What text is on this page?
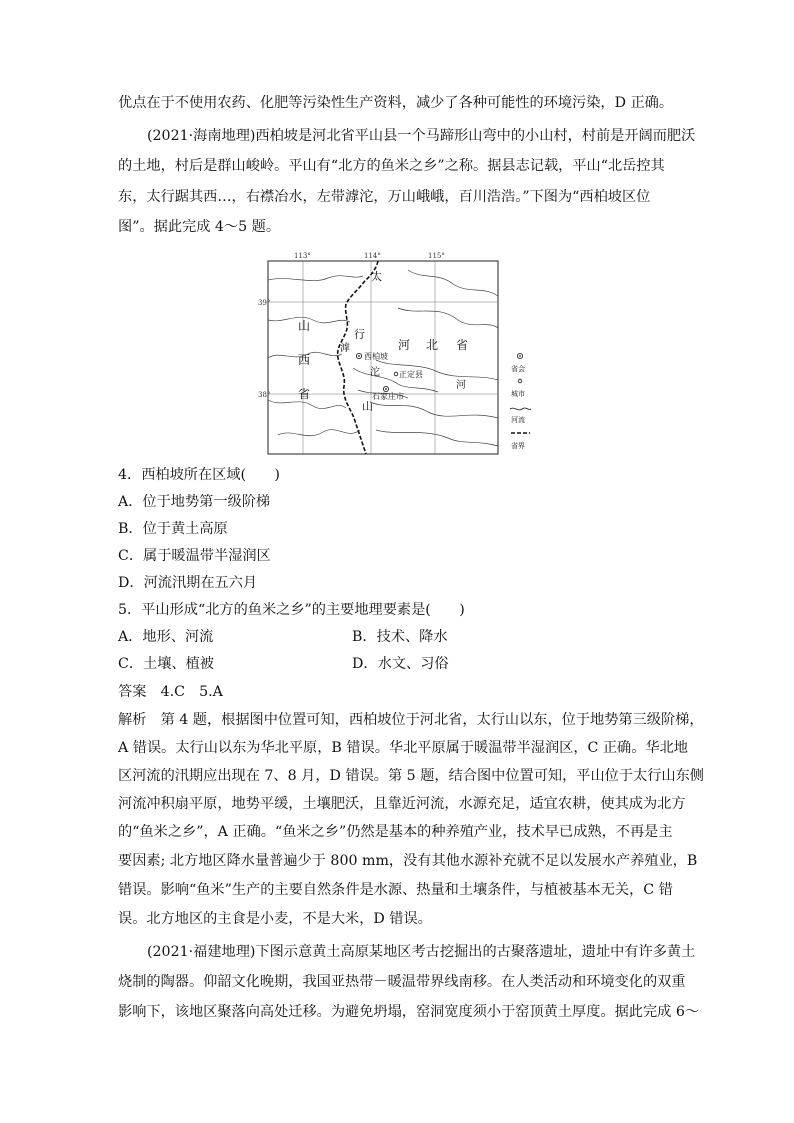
优点在于不使用农药、化肥等污染性生产资料，减少了各种可能性的环境污染，D 正确。
(2021·海南地理)西柏坡是河北省平山县一个马蹄形山弯中的小山村，村前是开阔而肥沃
的土地，村后是群山峻岭。平山有“北方的鱼米之乡”之称。据县志记载，平山“北岳控其
东，太行踞其西…，右襟冶水，左带滹沱，万山峨峨，百川浩浩。”下图为“西柏坡区位
图”。据此完成 4～5 题。
113°	114°	115°
39°
38°
太
行
山
山
西
省
河 北 省
滹
沱
河
西柏坡
正定县
石家庄市
省会
城市
河流
省界
4．西柏坡所在区域(　　)
A．位于地势第一级阶梯
B．位于黄土高原
C．属于暖温带半湿润区
D．河流汛期在五六月
5．平山形成“北方的鱼米之乡”的主要地理要素是(　　)
A．地形、河流	B．技术、降水
C．土壤、植被	D．水文、习俗
答案　4.C　5.A
解析　第 4 题，根据图中位置可知，西柏坡位于河北省，太行山以东，位于地势第三级阶梯，
A 错误。太行山以东为华北平原，B 错误。华北平原属于暖温带半湿润区，C 正确。华北地
区河流的汛期应出现在 7、8 月，D 错误。第 5 题，结合图中位置可知，平山位于太行山东侧
河流冲积扇平原，地势平缓，土壤肥沃，且靠近河流，水源充足，适宜农耕，使其成为北方
的“鱼米之乡”，A 正确。“鱼米之乡”仍然是基本的种养殖产业，技术早已成熟，不再是主
要因素; 北方地区降水量普遍少于 800 mm，没有其他水源补充就不足以发展水产养殖业，B
错误。影响“鱼米”生产的主要自然条件是水源、热量和土壤条件，与植被基本无关，C 错
误。北方地区的主食是小麦，不是大米，D 错误。
(2021·福建地理)下图示意黄土高原某地区考古挖掘出的古聚落遗址，遗址中有许多黄土
烧制的陶器。仰韶文化晚期，我国亚热带－暖温带界线南移。在人类活动和环境变化的双重
影响下，该地区聚落向高处迁移。为避免坍塌，窑洞宽度须小于窑顶黄土厚度。据此完成 6～
